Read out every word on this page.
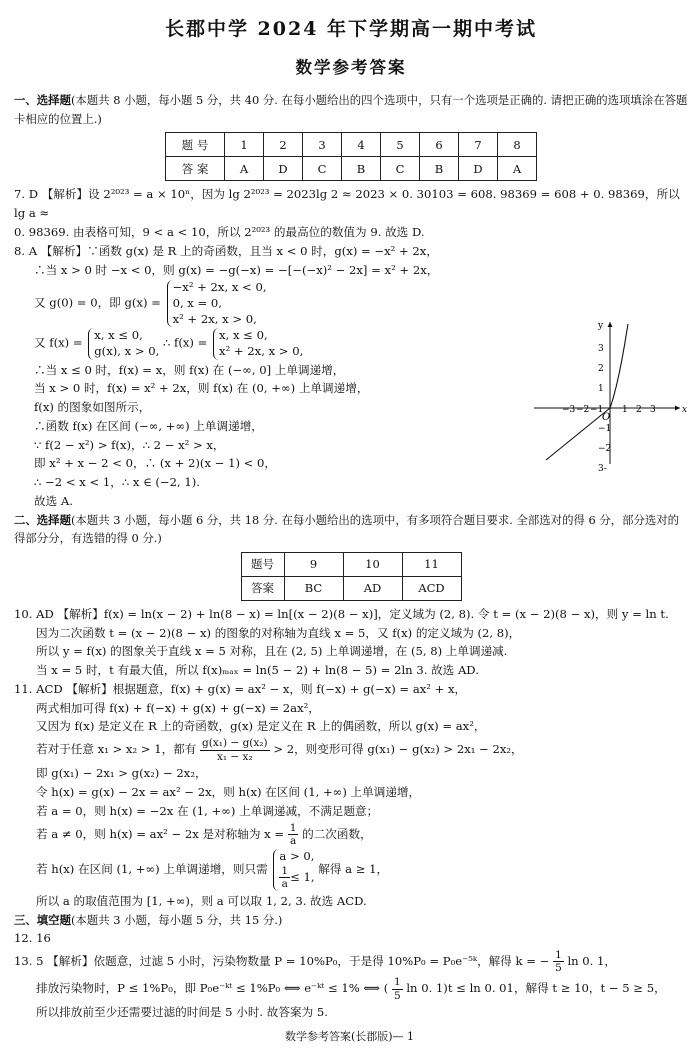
长郡中学 2024 年下学期高一期中考试
数学参考答案

一、选择题(本题共 8 小题，每小题 5 分，共 40 分. 在每小题给出的四个选项中，只有一个选项是正确的. 请把正确的选项填涂在答题卡相应的位置上.)

题 号	1	2	3	4	5	6	7	8
答 案	A	D	C	B	C	B	D	A

7. D 【解析】设 2²⁰²³ = a × 10ⁿ，因为 lg 2²⁰²³ = 2023lg 2 ≈ 2023 × 0. 30103 = 608. 98369 = 608 + 0. 98369，所以 lg a ≈

0. 98369. 由表格可知，9 < a < 10，所以 2²⁰²³ 的最高位的数值为 9. 故选 D.

8. A 【解析】∵函数 g(x) 是 R 上的奇函数，且当 x < 0 时，g(x) = −x² + 2x，

∴当 x > 0 时 −x < 0，则 g(x) = −g(−x) = −[−(−x)² − 2x] = x² + 2x，

又 g(0) = 0，即 g(x) =
−x² + 2x, x < 0,
0, x = 0,
x² + 2x, x > 0,
又 f(x) =
x, x ≤ 0,
g(x), x > 0,
∴ f(x) =
x, x ≤ 0,
x² + 2x, x > 0,

∴当 x ≤ 0 时，f(x) = x，则 f(x) 在 (−∞, 0] 上单调递增，

当 x > 0 时，f(x) = x² + 2x，则 f(x) 在 (0, +∞) 上单调递增，

f(x) 的图象如图所示，

∴函数 f(x) 在区间 (−∞, +∞) 上单调递增，

∵ f(2 − x²) > f(x)，∴ 2 − x² > x，

即 x² + x − 2 < 0，∴ (x + 2)(x − 1) < 0，

∴ −2 < x < 1，∴ x ∈ (−2, 1).

故选 A.

二、选择题(本题共 3 小题，每小题 6 分，共 18 分. 在每小题给出的选项中，有多项符合题目要求. 全部选对的得 6 分，部分选对的得部分分，有选错的得 0 分.)

题号	9	10	11
答案	BC	AD	ACD

10. AD 【解析】f(x) = ln(x − 2) + ln(8 − x) = ln[(x − 2)(8 − x)]，定义域为 (2, 8). 令 t = (x − 2)(8 − x)，则 y = ln t.

因为二次函数 t = (x − 2)(8 − x) 的图象的对称轴为直线 x = 5，又 f(x) 的定义域为 (2, 8)，

所以 y = f(x) 的图象关于直线 x = 5 对称，且在 (2, 5) 上单调递增，在 (5, 8) 上单调递减.

当 x = 5 时，t 有最大值，所以 f(x)ₘₐₓ = ln(5 − 2) + ln(8 − 5) = 2ln 3. 故选 AD.

11. ACD 【解析】根据题意，f(x) + g(x) = ax² − x，则 f(−x) + g(−x) = ax² + x，

两式相加可得 f(x) + f(−x) + g(x) + g(−x) = 2ax²，

又因为 f(x) 是定义在 R 上的奇函数，g(x) 是定义在 R 上的偶函数，所以 g(x) = ax²，

若对于任意 x₁ > x₂ > 1，都有 $\frac{\text{g(x₁) − g(x₂)}}{\text{x₁ − x₂}} > 2$，则变形可得 g(x₁) − g(x₂) > 2x₁ − 2x₂，

即 g(x₁) − 2x₁ > g(x₂) − 2x₂，

令 h(x) = g(x) − 2x = ax² − 2x，则 h(x) 在区间 (1, +∞) 上单调递增，

若 a = 0，则 h(x) = −2x 在 (1, +∞) 上单调递减，不满足题意；

若 a ≠ 0，则 h(x) = ax² − 2x 是对称轴为 $x = \frac{1}{a}$ 的二次函数，
若 h(x) 在区间 (1, +∞) 上单调递增，则只需
a > 0,
$\frac{1}{a} \le 1$,
解得 a ≥ 1，

所以 a 的取值范围为 [1, +∞)，则 a 可以取 1, 2, 3. 故选 ACD.

三、填空题(本题共 3 小题，每小题 5 分，共 15 分.)

12. 16

13. 5 【解析】依题意，过滤 5 小时，污染物数量 P = 10%P₀，于是得 10%P₀ = P₀e⁻⁵ᵏ，解得 k = − $\frac{1}{5}$ ln 0. 1，
排放污染物时，P ≤ 1%P₀，即 P₀e⁻ᵏᵗ ≤ 1%P₀ ⟺ e⁻ᵏᵗ ≤ 1% ⟺ ( $\frac{1}{5}$ ln 0. 1)t ≤ ln 0. 01，解得 t ≥ 10，t − 5 ≥ 5，

所以排放前至少还需要过滤的时间是 5 小时. 故答案为 5.

y
x
O
−3 −2 −1 1 2 3
3
2
1
−1
−2
3-
数学参考答案(长郡版)— 1
